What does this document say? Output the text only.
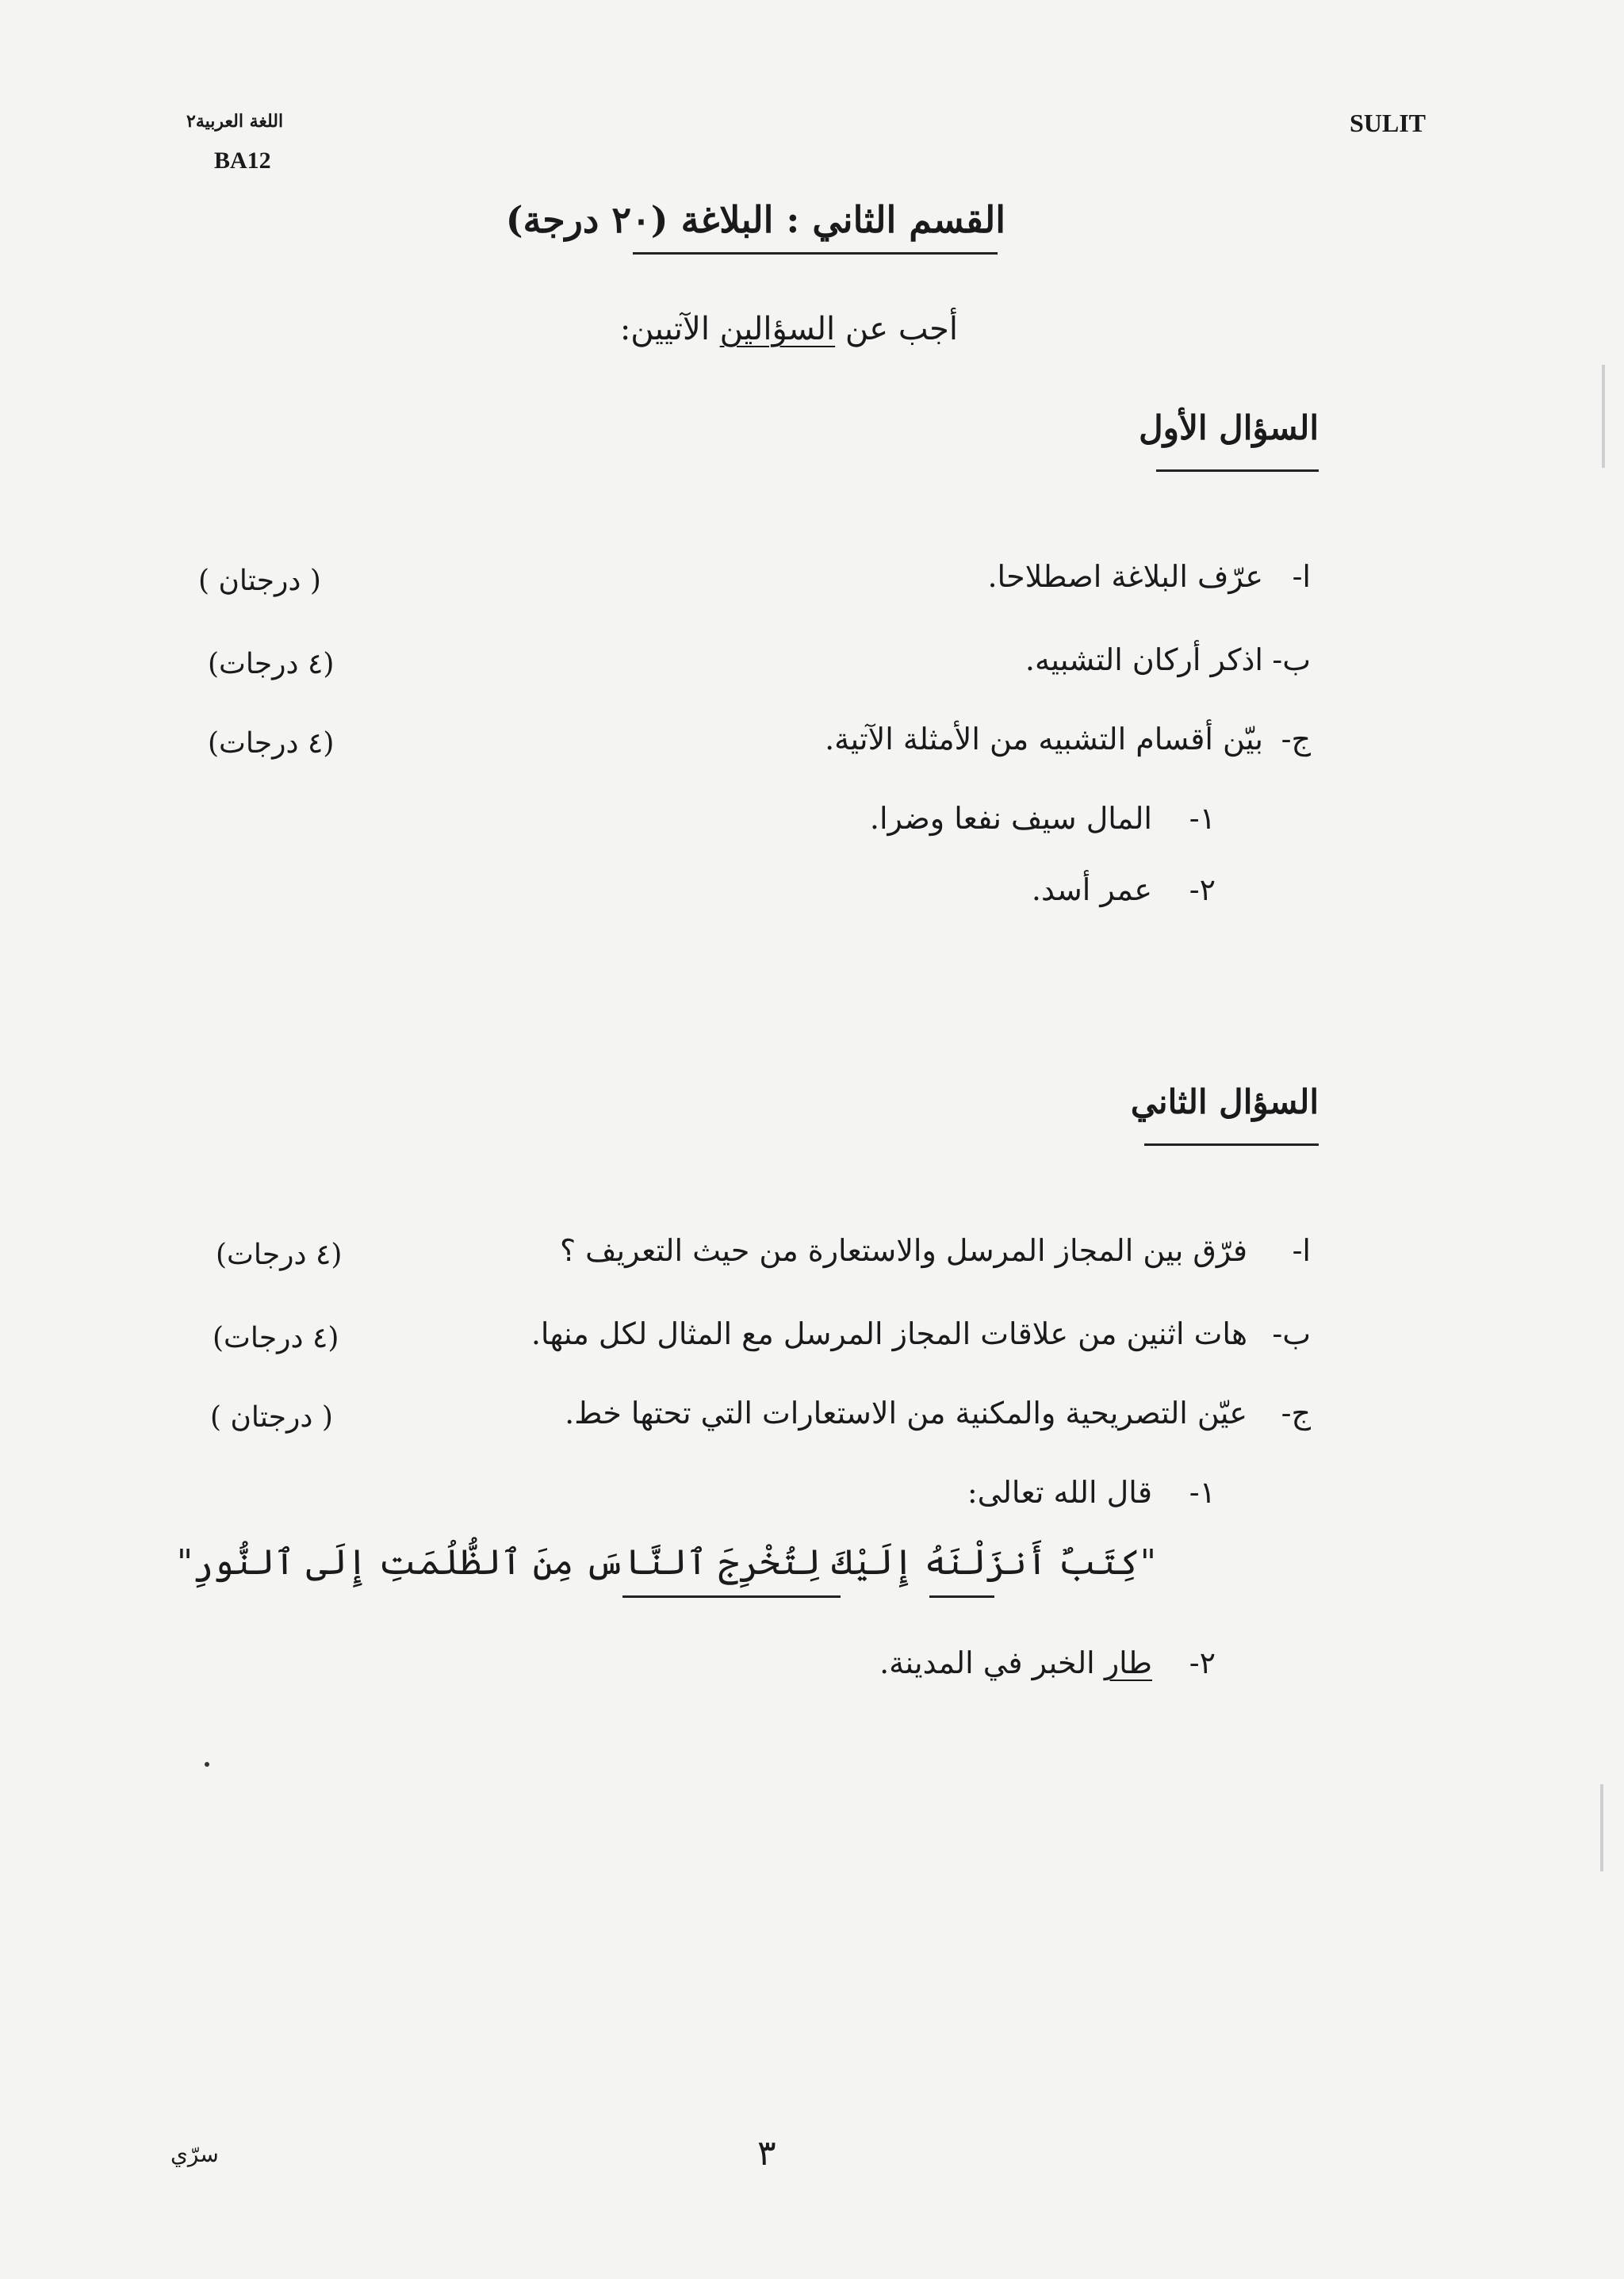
اللغة العربية٢
BA12
SULIT
القسم الثاني : البلاغة (٢٠ درجة)
أجب عن السؤالين الآتيين:
السؤال الأول
ا-
عرّف البلاغة اصطلاحا.
( درجتان )
ب-
اذكر أركان التشبيه.
(٤ درجات)
ج-
بيّن أقسام التشبيه من الأمثلة الآتية.
(٤ درجات)
١-
المال سيف نفعا وضرا.
٢-
عمر أسد.
السؤال الثاني
ا-
فرّق بين المجاز المرسل والاستعارة من حيث التعريف ؟
(٤ درجات)
ب-
هات اثنين من علاقات المجاز المرسل مع المثال لكل منها.
(٤ درجات)
ج-
عيّن التصريحية والمكنية من الاستعارات التي تحتها خط.
( درجتان )
١-
قال الله تعالى:
"كِتَبٌ أَنزَلْنَهُ إِلَيْكَ لِتُخْرِجَ ٱلنَّاسَ مِنَ ٱلظُّلُمَتِ إِلَى ٱلنُّورِ"
٢-
طار الخبر في المدينة.
سرّي	٣
